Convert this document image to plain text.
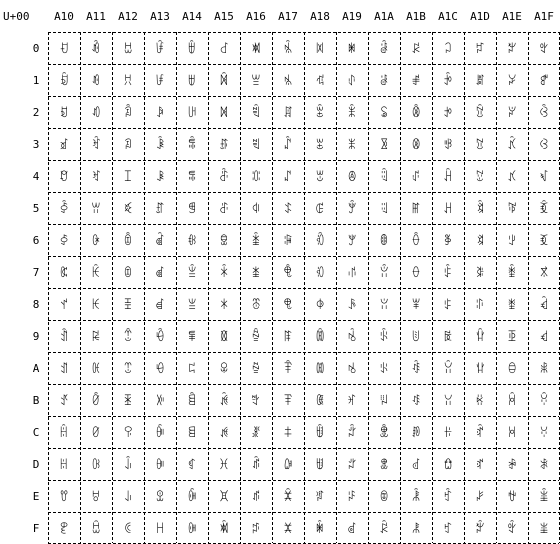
U+00 A10 A11 A12 A13 A14 A15 A16 A17 A18 A19 A1A A1B A1C A1D A1E A1F
0
1
2
3
4
5
6
7
8
9
A
B
C
D
E
F
ꀀ
ꀁ
ꀂ
ꀃ
ꀄ
ꀅ
ꀆ
ꀇ
ꀈ
ꀉ
ꀊ
ꀋ
ꀌ
ꀍ
ꀎ
ꀏ
ꀐ
ꀑ
ꀒ
ꀓ
ꀔ
ꀕ
ꀖ
ꀗ
ꀘ
ꀙ
ꀚ
ꀛ
ꀜ
ꀝ
ꀞ
ꀟ
ꀠ
ꀡ
ꀢ
ꀣ
ꀤ
ꀥ
ꀦ
ꀧ
ꀨ
ꀩ
ꀪ
ꀫ
ꀬ
ꀭ
ꀮ
ꀯ
ꀰ
ꀱ
ꀲ
ꀳ
ꀴ
ꀵ
ꀶ
ꀷ
ꀸ
ꀹ
ꀺ
ꀻ
ꀼ
ꀽ
ꀾ
ꀿ
ꁀ
ꁁ
ꁂ
ꁃ
ꁄ
ꁅ
ꁆ
ꁇ
ꁈ
ꁉ
ꁊ
ꁋ
ꁌ
ꁍ
ꁎ
ꁏ
ꁐ
ꁑ
ꁒ
ꁓ
ꁔ
ꁕ
ꁖ
ꁗ
ꁘ
ꁙ
ꁚ
ꁛ
ꁜ
ꁝ
ꁞ
ꁟ
ꁠ
ꁡ
ꁢ
ꁣ
ꁤ
ꁥ
ꁦ
ꁧ
ꁨ
ꁩ
ꁪ
ꁫ
ꁬ
ꁭ
ꁮ
ꁯ
ꁰ
ꁱ
ꁲ
ꁳ
ꁴ
ꁵ
ꁶ
ꁷ
ꁸ
ꁹ
ꁺ
ꁻ
ꁼ
ꁽ
ꁾ
ꁿ
ꂀ
ꂁ
ꂂ
ꂃ
ꂄ
ꂅ
ꂆ
ꂇ
ꂈ
ꂉ
ꂊ
ꂋ
ꂌ
ꂍ
ꂎ
ꂏ
ꂐ
ꂑ
ꂒ
ꂓ
ꂔ
ꂕ
ꂖ
ꂗ
ꂘ
ꂙ
ꂚ
ꂛ
ꂜ
ꂝ
ꂞ
ꂟ
ꂠ
ꂡ
ꂢ
ꂣ
ꂤ
ꂥ
ꂦ
ꂧ
ꂨ
ꂩ
ꂪ
ꂫ
ꂬ
ꂭ
ꂮ
ꂯ
ꂰ
ꂱ
ꂲ
ꂳ
ꂴ
ꂵ
ꂶ
ꂷ
ꂸ
ꂹ
ꂺ
ꂻ
ꂼ
ꂽ
ꂾ
ꂿ
ꃀ
ꃁ
ꃂ
ꃃ
ꃄ
ꃅ
ꃆ
ꃇ
ꃈ
ꃉ
ꃊ
ꃋ
ꃌ
ꃍ
ꃎ
ꃏ
ꃐ
ꃑ
ꃒ
ꃓ
ꃔ
ꃕ
ꃖ
ꃗ
ꃘ
ꃙ
ꃚ
ꃛ
ꃜ
ꃝ
ꃞ
ꃟ
ꃠ
ꃡ
ꃢ
ꃣ
ꃤ
ꃥ
ꃦ
ꃧ
ꃨ
ꃩ
ꃪ
ꃫ
ꃬ
ꃭ
ꃮ
ꃯ
ꃰ
ꃱ
ꃲ
ꃳ
ꃴ
ꃵ
ꃶ
ꃷ
ꃸ
ꃹ
ꃺ
ꃻ
ꃼ
ꃽ
ꃾ
ꃿ
